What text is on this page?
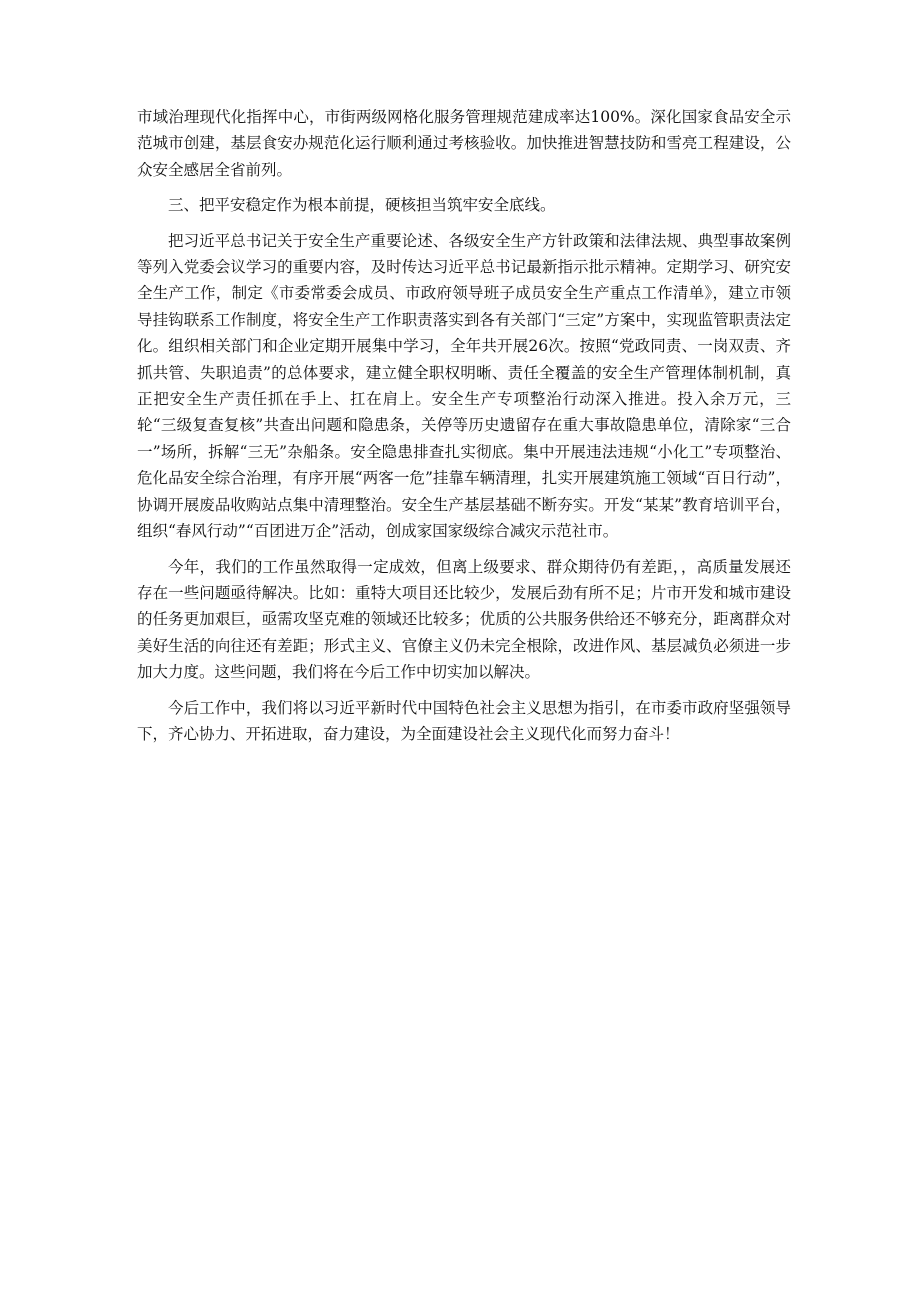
市域治理现代化指挥中心，市街两级网格化服务管理规范建成率达100%。深化国家食品安全示范城市创建，基层食安办规范化运行顺利通过考核验收。加快推进智慧技防和雪亮工程建设，公众安全感居全省前列。

三、把平安稳定作为根本前提，硬核担当筑牢安全底线。

把习近平总书记关于安全生产重要论述、各级安全生产方针政策和法律法规、典型事故案例等列入党委会议学习的重要内容，及时传达习近平总书记最新指示批示精神。定期学习、研究安全生产工作，制定《市委常委会成员、市政府领导班子成员安全生产重点工作清单》，建立市领导挂钩联系工作制度，将安全生产工作职责落实到各有关部门“三定”方案中，实现监管职责法定化。组织相关部门和企业定期开展集中学习，全年共开展26次。按照“党政同责、一岗双责、齐抓共管、失职追责”的总体要求，建立健全职权明晰、责任全覆盖的安全生产管理体制机制，真正把安全生产责任抓在手上、扛在肩上。安全生产专项整治行动深入推进。投入余万元，三轮“三级复查复核”共查出问题和隐患条，关停等历史遗留存在重大事故隐患单位，清除家“三合一”场所，拆解“三无”杂船条。安全隐患排查扎实彻底。集中开展违法违规“小化工”专项整治、危化品安全综合治理，有序开展“两客一危”挂靠车辆清理，扎实开展建筑施工领域“百日行动”，协调开展废品收购站点集中清理整治。安全生产基层基础不断夯实。开发“某某”教育培训平台，组织“春风行动”“百团进万企”活动，创成家国家级综合减灾示范社市。

今年，我们的工作虽然取得一定成效，但离上级要求、群众期待仍有差距，，高质量发展还存在一些问题亟待解决。比如：重特大项目还比较少，发展后劲有所不足；片市开发和城市建设的任务更加艰巨，亟需攻坚克难的领域还比较多；优质的公共服务供给还不够充分，距离群众对美好生活的向往还有差距；形式主义、官僚主义仍未完全根除，改进作风、基层减负必须进一步加大力度。这些问题，我们将在今后工作中切实加以解决。

今后工作中，我们将以习近平新时代中国特色社会主义思想为指引，在市委市政府坚强领导下，齐心协力、开拓进取，奋力建设，为全面建设社会主义现代化而努力奋斗！
